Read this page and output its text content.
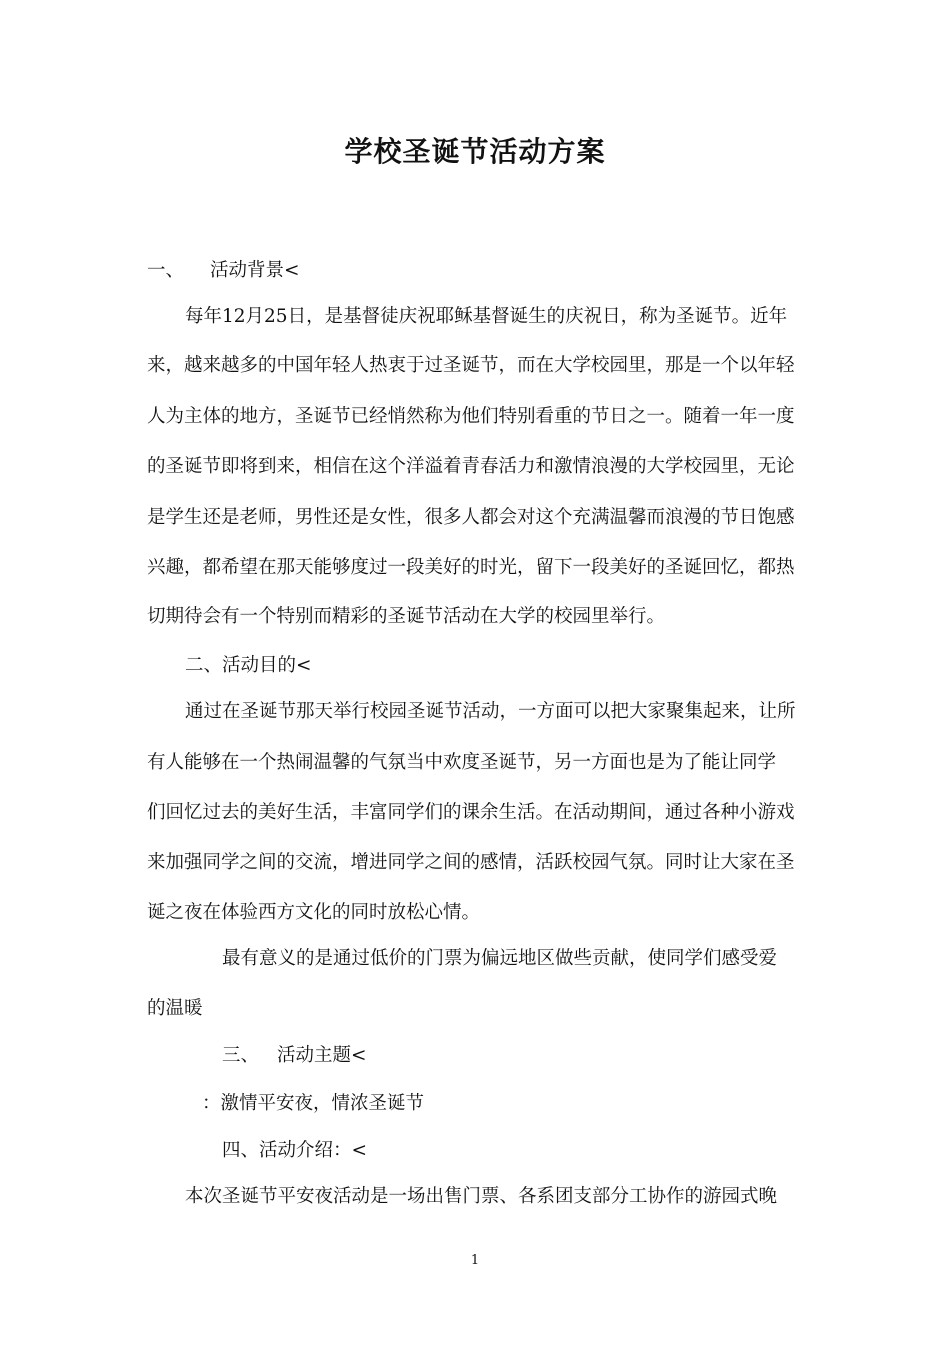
学校圣诞节活动方案
一、 活动背景<
每年12月25日，是基督徒庆祝耶稣基督诞生的庆祝日，称为圣诞节。近年
来，越来越多的中国年轻人热衷于过圣诞节，而在大学校园里，那是一个以年轻
人为主体的地方，圣诞节已经悄然称为他们特别看重的节日之一。随着一年一度
的圣诞节即将到来，相信在这个洋溢着青春活力和激情浪漫的大学校园里，无论
是学生还是老师，男性还是女性，很多人都会对这个充满温馨而浪漫的节日饱感
兴趣，都希望在那天能够度过一段美好的时光，留下一段美好的圣诞回忆，都热
切期待会有一个特别而精彩的圣诞节活动在大学的校园里举行。
二、活动目的<
通过在圣诞节那天举行校园圣诞节活动，一方面可以把大家聚集起来，让所
有人能够在一个热闹温馨的气氛当中欢度圣诞节，另一方面也是为了能让同学
们回忆过去的美好生活，丰富同学们的课余生活。在活动期间，通过各种小游戏
来加强同学之间的交流，增进同学之间的感情，活跃校园气氛。同时让大家在圣
诞之夜在体验西方文化的同时放松心情。
最有意义的是通过低价的门票为偏远地区做些贡献，使同学们感受爱
的温暖
三、 活动主题<
：激情平安夜，情浓圣诞节
四、活动介绍：<
本次圣诞节平安夜活动是一场出售门票、各系团支部分工协作的游园式晚
1
